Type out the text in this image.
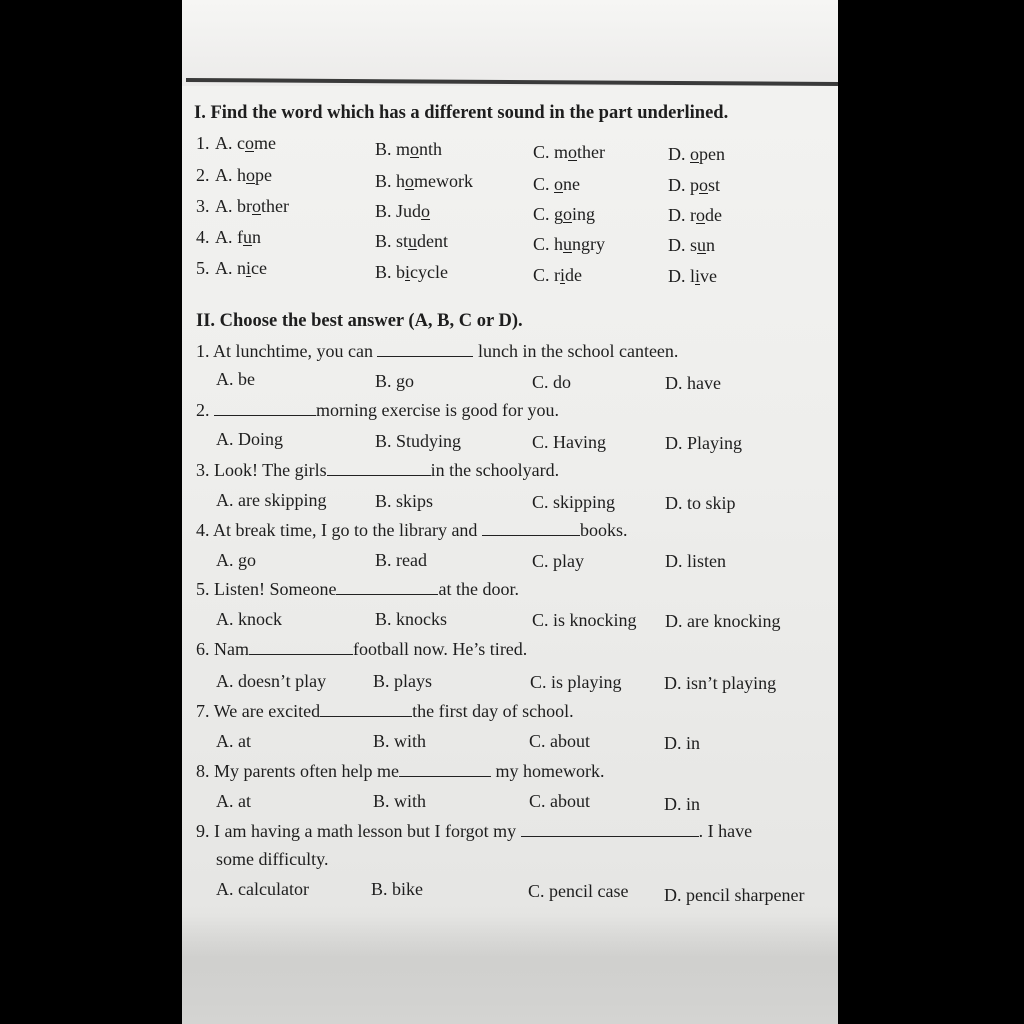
I. Find the word which has a different sound in the part underlined.
1. A. come	B. month	C. mother	D. open
2. A. hope	B. homework	C. one	D. post
3. A. brother	B. Judo	C. going	D. rode
4. A. fun	B. student	C. hungry	D. sun
5. A. nice	B. bicycle	C. ride	D. live
II. Choose the best answer (A, B, C or D).
1. At lunchtime, you can	lunch in the school canteen.
A. be	B. go	C. do	D. have
2.	morning exercise is good for you.
A. Doing	B. Studying	C. Having	D. Playing
3. Look! The girls	in the schoolyard.
A. are skipping	B. skips	C. skipping	D. to skip
4. At break time, I go to the library and	books.
A. go	B. read	C. play	D. listen
5. Listen! Someone	at the door.
A. knock	B. knocks	C. is knocking D. are knocking
6. Nam	football now. He’s tired.
A. doesn’t play	B. plays	C. is playing D. isn’t playing
7. We are excited	the first day of school.
A. at	B. with	C. about	D. in
8. My parents often help me	my homework.
A. at	B. with	C. about	D. in
9. I am having a math lesson but I forgot my	. I have
some difficulty.
A. calculator	B. bike	C. pencil case D. pencil sharpener
